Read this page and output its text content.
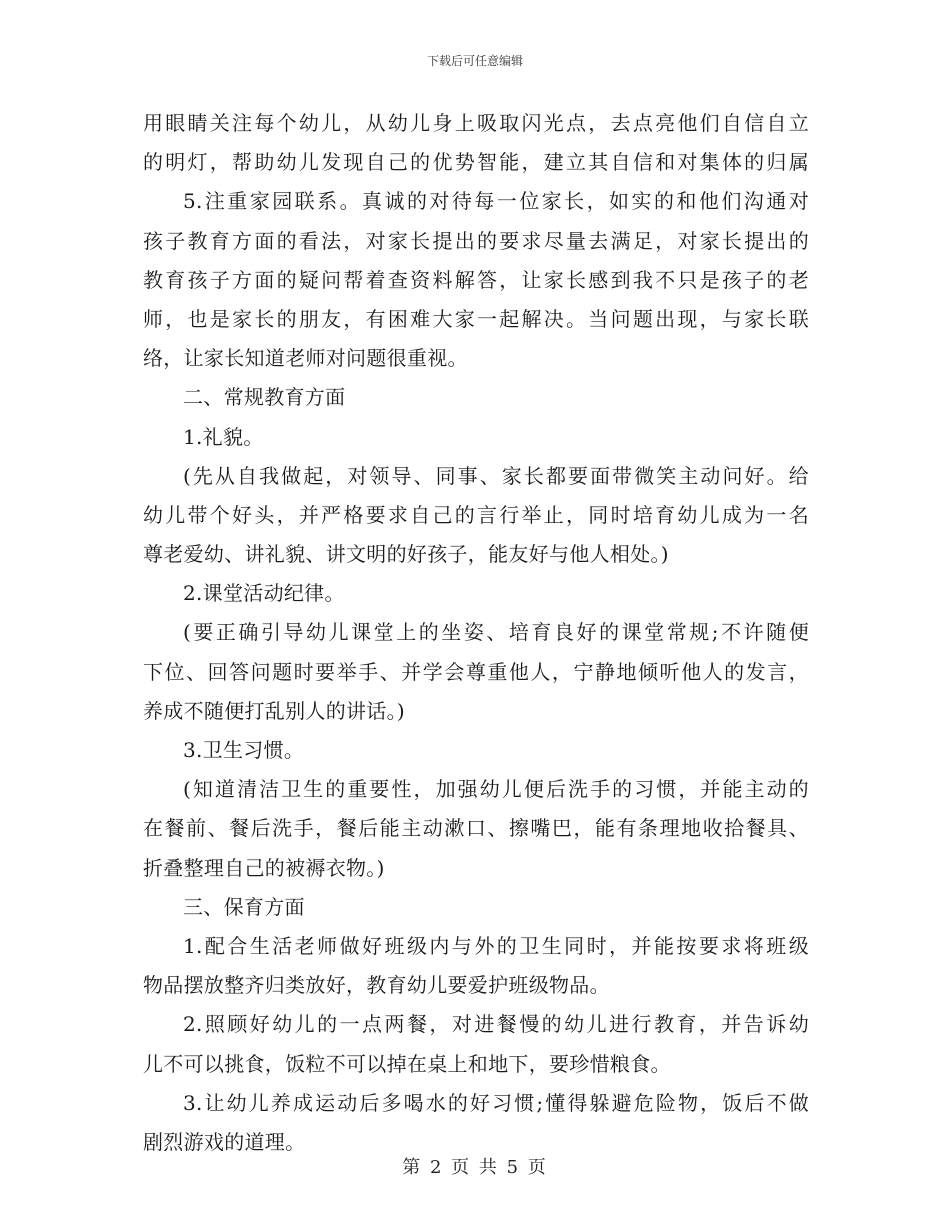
下载后可任意编辑
用眼睛关注每个幼儿，从幼儿身上吸取闪光点，去点亮他们自信自立
的明灯，帮助幼儿发现自己的优势智能，建立其自信和对集体的归属
5.注重家园联系。真诚的对待每一位家长，如实的和他们沟通对
孩子教育方面的看法，对家长提出的要求尽量去满足，对家长提出的
教育孩子方面的疑问帮着查资料解答，让家长感到我不只是孩子的老
师，也是家长的朋友，有困难大家一起解决。当问题出现，与家长联
络，让家长知道老师对问题很重视。
二、常规教育方面
1.礼貌。
(先从自我做起，对领导、同事、家长都要面带微笑主动问好。给
幼儿带个好头，并严格要求自己的言行举止，同时培育幼儿成为一名
尊老爱幼、讲礼貌、讲文明的好孩子，能友好与他人相处。)
2.课堂活动纪律。
(要正确引导幼儿课堂上的坐姿、培育良好的课堂常规;不许随便
下位、回答问题时要举手、并学会尊重他人，宁静地倾听他人的发言，
养成不随便打乱别人的讲话。)
3.卫生习惯。
(知道清洁卫生的重要性，加强幼儿便后洗手的习惯，并能主动的
在餐前、餐后洗手，餐后能主动漱口、擦嘴巴，能有条理地收拾餐具、
折叠整理自己的被褥衣物。)
三、保育方面
1.配合生活老师做好班级内与外的卫生同时，并能按要求将班级
物品摆放整齐归类放好，教育幼儿要爱护班级物品。
2.照顾好幼儿的一点两餐，对进餐慢的幼儿进行教育，并告诉幼
儿不可以挑食，饭粒不可以掉在桌上和地下，要珍惜粮食。
3.让幼儿养成运动后多喝水的好习惯;懂得躲避危险物，饭后不做
剧烈游戏的道理。
第 2 页 共 5 页
